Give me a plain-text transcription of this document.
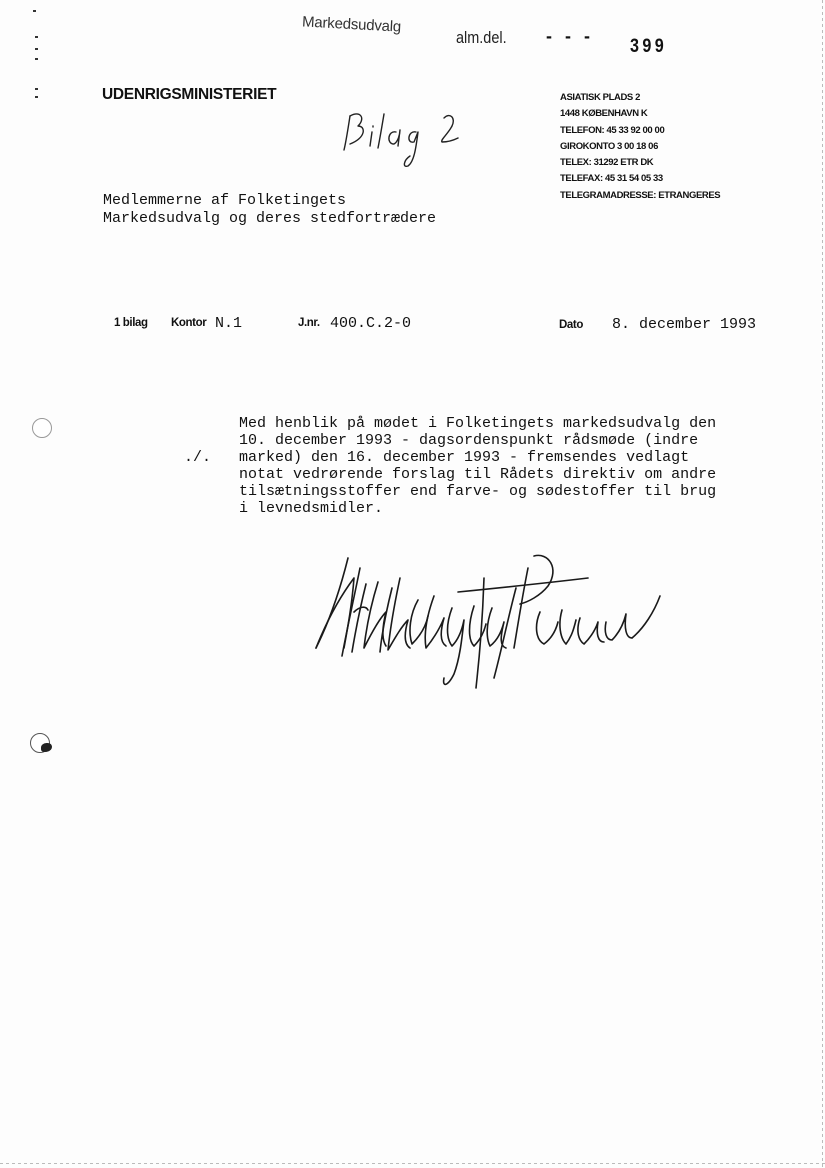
Markedsudvalg
alm.del. - - - 399
UDENRIGSMINISTERIET	ASIATISK PLADS 2
1448 KØBENHAVN K
TELEFON: 45 33 92 00 00
GIROKONTO 3 00 18 06
TELEX: 31292 ETR DK
TELEFAX: 45 31 54 05 33
TELEGRAMADRESSE: ETRANGERES
Medlemmerne af Folketingets
Markedsudvalg og deres stedfortrædere
1 bilag Kontor N.1	J.nr. 400.C.2-0	Dato 8. december 1993
./.
Med henblik på mødet i Folketingets markedsudvalg den
10. december 1993 - dagsordenspunkt rådsmøde (indre
marked) den 16. december 1993 - fremsendes vedlagt
notat vedrørende forslag til Rådets direktiv om andre
tilsætningsstoffer end farve- og sødestoffer til brug
i levnedsmidler.
